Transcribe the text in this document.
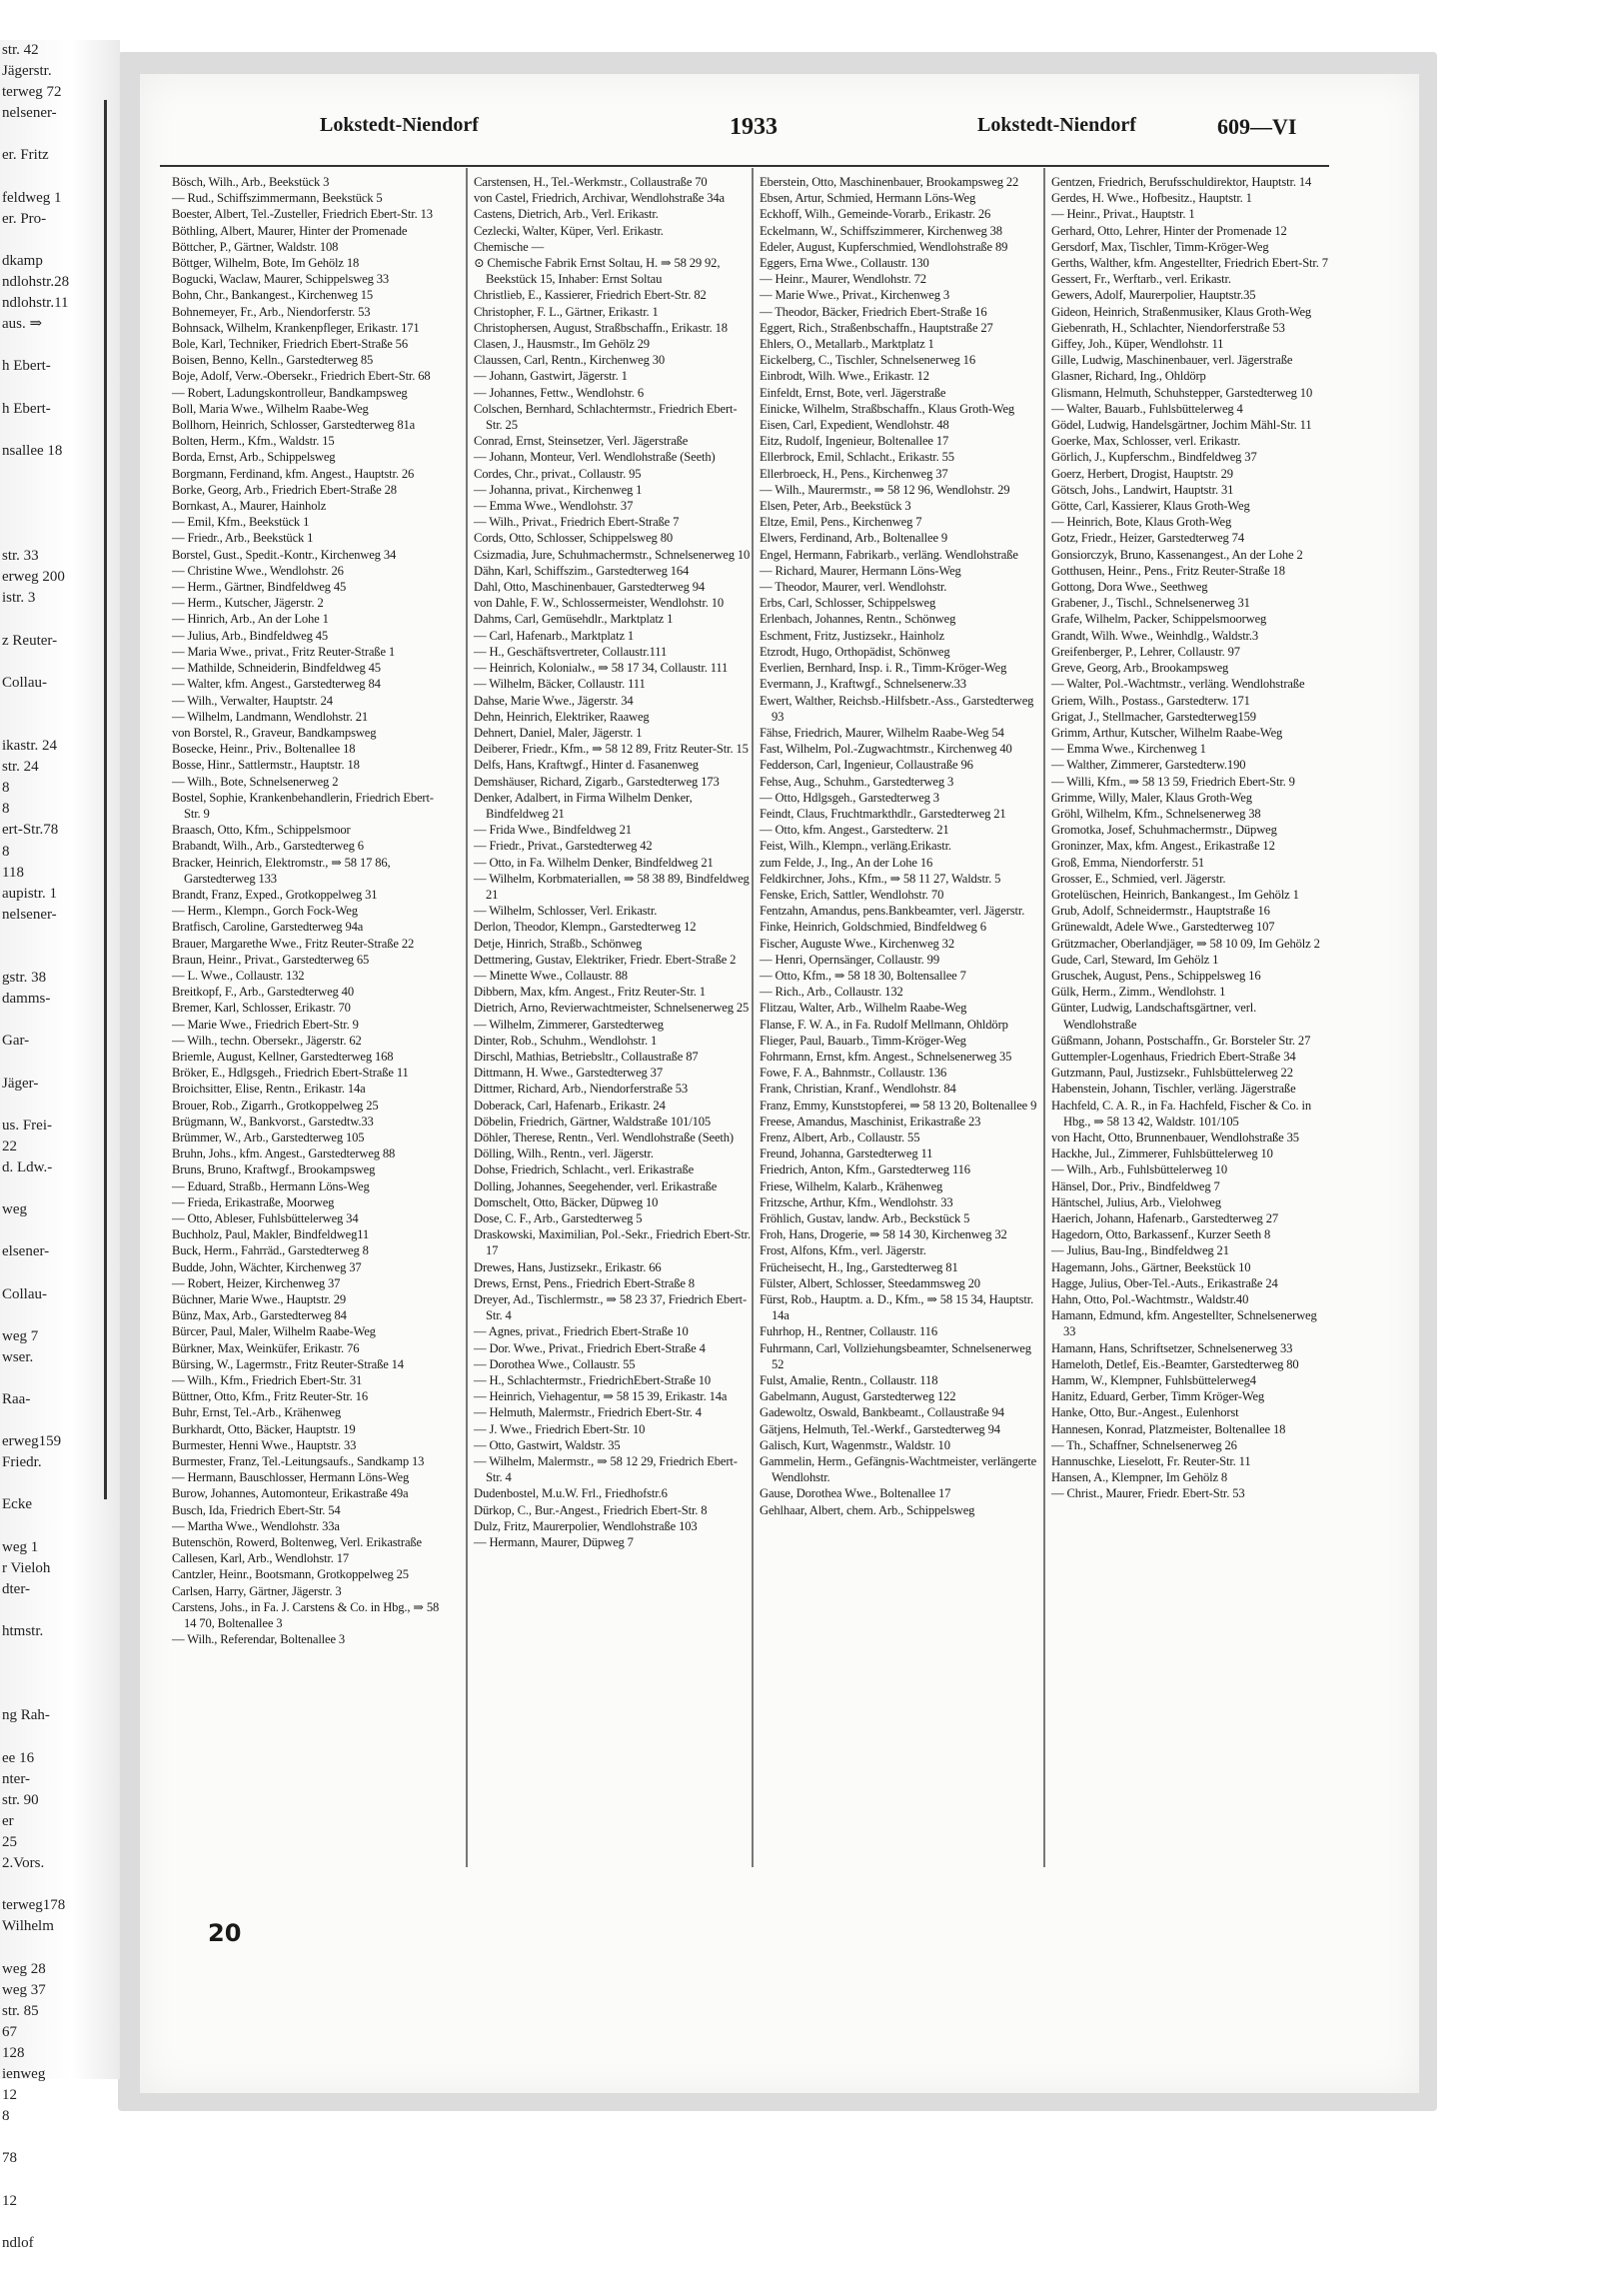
str. 42
Jägerstr.
terweg 72
nelsener-

er. Fritz

feldweg 1
er. Pro-

dkamp
ndlohstr.28
ndlohstr.11
aus. ⇒

h Ebert-

h Ebert-

nsallee 18

str. 33
erweg 200
istr. 3

z Reuter-

Collau-

ikastr. 24
str. 24
8
8
ert-Str.78
8
118
aupistr. 1
nelsener-

gstr. 38
damms-

Gar-

Jäger-

us. Frei-
22
d. Ldw.-

weg

elsener-

Collau-

weg 7
wser.

Raa-

erweg159
Friedr.

Ecke

weg 1
r Vieloh
dter-

htmstr.

ng Rah-

ee 16
nter-
str. 90
er
25
2.Vors.

terweg178
Wilhelm

weg 28
weg 37
str. 85
67
128
ienweg
12
8

78

12

ndlof

Lokstedt-Niendorf	1933	Lokstedt-Niendorf	609—VI

Bösch, Wilh., Arb., Beekstück 3

— Rud., Schiffszimmermann, Beekstück 5

Boester, Albert, Tel.-Zusteller, Friedrich Ebert-Str. 13

Böthling, Albert, Maurer, Hinter der Promenade

Böttcher, P., Gärtner, Waldstr. 108

Böttger, Wilhelm, Bote, Im Gehölz 18

Bogucki, Waclaw, Maurer, Schippelsweg 33

Bohn, Chr., Bankangest., Kirchenweg 15

Bohnemeyer, Fr., Arb., Niendorferstr. 53

Bohnsack, Wilhelm, Krankenpfleger, Erikastr. 171

Bole, Karl, Techniker, Friedrich Ebert-Straße 56

Boisen, Benno, Kelln., Garstedterweg 85

Boje, Adolf, Verw.-Obersekr., Friedrich Ebert-Str. 68

— Robert, Ladungskontrolleur, Bandkampsweg

Boll, Maria Wwe., Wilhelm Raabe-Weg

Bollhorn, Heinrich, Schlosser, Garstedterweg 81a

Bolten, Herm., Kfm., Waldstr. 15

Borda, Ernst, Arb., Schippelsweg

Borgmann, Ferdinand, kfm. Angest., Hauptstr. 26

Borke, Georg, Arb., Friedrich Ebert-Straße 28

Bornkast, A., Maurer, Hainholz

— Emil, Kfm., Beekstück 1

— Friedr., Arb., Beekstück 1

Borstel, Gust., Spedit.-Kontr., Kirchenweg 34

— Christine Wwe., Wendlohstr. 26

— Herm., Gärtner, Bindfeldweg 45

— Herm., Kutscher, Jägerstr. 2

— Hinrich, Arb., An der Lohe 1

— Julius, Arb., Bindfeldweg 45

— Maria Wwe., privat., Fritz Reuter-Straße 1

— Mathilde, Schneiderin, Bindfeldweg 45

— Walter, kfm. Angest., Garstedterweg 84

— Wilh., Verwalter, Hauptstr. 24

— Wilhelm, Landmann, Wendlohstr. 21

von Borstel, R., Graveur, Bandkampsweg

Bosecke, Heinr., Priv., Boltenallee 18

Bosse, Hinr., Sattlermstr., Hauptstr. 18

— Wilh., Bote, Schnelsenerweg 2

Bostel, Sophie, Krankenbehandlerin, Friedrich Ebert-Str. 9

Braasch, Otto, Kfm., Schippelsmoor

Brabandt, Wilh., Arb., Garstedterweg 6

Bracker, Heinrich, Elektromstr., ⇒ 58 17 86, Garstedterweg 133

Brandt, Franz, Exped., Grotkoppelweg 31

— Herm., Klempn., Gorch Fock-Weg

Bratfisch, Caroline, Garstedterweg 94a

Brauer, Margarethe Wwe., Fritz Reuter-Straße 22

Braun, Heinr., Privat., Garstedterweg 65

— L. Wwe., Collaustr. 132

Breitkopf, F., Arb., Garstedterweg 40

Bremer, Karl, Schlosser, Erikastr. 70

— Marie Wwe., Friedrich Ebert-Str. 9

— Wilh., techn. Obersekr., Jägerstr. 62

Briemle, August, Kellner, Garstedterweg 168

Bröker, E., Hdlgsgeh., Friedrich Ebert-Straße 11

Broichsitter, Elise, Rentn., Erikastr. 14a

Brouer, Rob., Zigarrh., Grotkoppelweg 25

Brügmann, W., Bankvorst., Garstedtw.33

Brümmer, W., Arb., Garstedterweg 105

Bruhn, Johs., kfm. Angest., Garstedterweg 88

Bruns, Bruno, Kraftwgf., Brookampsweg

— Eduard, Straßb., Hermann Löns-Weg

— Frieda, Erikastraße, Moorweg

— Otto, Ableser, Fuhlsbüttelerweg 34

Buchholz, Paul, Makler, Bindfeldweg11

Buck, Herm., Fahrräd., Garstedterweg 8

Budde, John, Wächter, Kirchenweg 37

— Robert, Heizer, Kirchenweg 37

Büchner, Marie Wwe., Hauptstr. 29

Bünz, Max, Arb., Garstedterweg 84

Bürcer, Paul, Maler, Wilhelm Raabe-Weg

Bürkner, Max, Weinküfer, Erikastr. 76

Bürsing, W., Lagermstr., Fritz Reuter-Straße 14

— Wilh., Kfm., Friedrich Ebert-Str. 31

Büttner, Otto, Kfm., Fritz Reuter-Str. 16

Buhr, Ernst, Tel.-Arb., Krähenweg

Burkhardt, Otto, Bäcker, Hauptstr. 19

Burmester, Henni Wwe., Hauptstr. 33

Burmester, Franz, Tel.-Leitungsaufs., Sandkamp 13

— Hermann, Bauschlosser, Hermann Löns-Weg

Burow, Johannes, Automonteur, Erikastraße 49a

Busch, Ida, Friedrich Ebert-Str. 54

— Martha Wwe., Wendlohstr. 33a

Butenschön, Rowerd, Boltenweg, Verl. Erikastraße

Callesen, Karl, Arb., Wendlohstr. 17

Cantzler, Heinr., Bootsmann, Grotkoppelweg 25

Carlsen, Harry, Gärtner, Jägerstr. 3

Carstens, Johs., in Fa. J. Carstens & Co. in Hbg., ⇒ 58 14 70, Boltenallee 3

— Wilh., Referendar, Boltenallee 3

Carstensen, H., Tel.-Werkmstr., Collaustraße 70

von Castel, Friedrich, Archivar, Wendlohstraße 34a

Castens, Dietrich, Arb., Verl. Erikastr.

Cezlecki, Walter, Küper, Verl. Erikastr.

Chemische —

⊙ Chemische Fabrik Ernst Soltau, H. ⇒ 58 29 92, Beekstück 15, Inhaber: Ernst Soltau

Christlieb, E., Kassierer, Friedrich Ebert-Str. 82

Christopher, F. L., Gärtner, Erikastr. 1

Christophersen, August, Straßbschaffn., Erikastr. 18

Clasen, J., Hausmstr., Im Gehölz 29

Claussen, Carl, Rentn., Kirchenweg 30

— Johann, Gastwirt, Jägerstr. 1

— Johannes, Fettw., Wendlohstr. 6

Colschen, Bernhard, Schlachtermstr., Friedrich Ebert-Str. 25

Conrad, Ernst, Steinsetzer, Verl. Jägerstraße

— Johann, Monteur, Verl. Wendlohstraße (Seeth)

Cordes, Chr., privat., Collaustr. 95

— Johanna, privat., Kirchenweg 1

— Emma Wwe., Wendlohstr. 37

— Wilh., Privat., Friedrich Ebert-Straße 7

Cords, Otto, Schlosser, Schippelsweg 80

Csizmadia, Jure, Schuhmachermstr., Schnelsenerweg 10

Dähn, Karl, Schiffszim., Garstedterweg 164

Dahl, Otto, Maschinenbauer, Garstedterweg 94

von Dahle, F. W., Schlossermeister, Wendlohstr. 10

Dahms, Carl, Gemüsehdlr., Marktplatz 1

— Carl, Hafenarb., Marktplatz 1

— H., Geschäftsvertreter, Collaustr.111

— Heinrich, Kolonialw., ⇒ 58 17 34, Collaustr. 111

— Wilhelm, Bäcker, Collaustr. 111

Dahse, Marie Wwe., Jägerstr. 34

Dehn, Heinrich, Elektriker, Raaweg

Dehnert, Daniel, Maler, Jägerstr. 1

Deiberer, Friedr., Kfm., ⇒ 58 12 89, Fritz Reuter-Str. 15

Delfs, Hans, Kraftwgf., Hinter d. Fasanenweg

Demshäuser, Richard, Zigarb., Garstedterweg 173

Denker, Adalbert, in Firma Wilhelm Denker, Bindfeldweg 21

— Frida Wwe., Bindfeldweg 21

— Friedr., Privat., Garstedterweg 42

— Otto, in Fa. Wilhelm Denker, Bindfeldweg 21

— Wilhelm, Korbmateriallen, ⇒ 58 38 89, Bindfeldweg 21

— Wilhelm, Schlosser, Verl. Erikastr.

Derlon, Theodor, Klempn., Garstedterweg 12

Detje, Hinrich, Straßb., Schönweg

Dettmering, Gustav, Elektriker, Friedr. Ebert-Straße 2

— Minette Wwe., Collaustr. 88

Dibbern, Max, kfm. Angest., Fritz Reuter-Str. 1

Dietrich, Arno, Revierwachtmeister, Schnelsenerweg 25

— Wilhelm, Zimmerer, Garstedterweg

Dinter, Rob., Schuhm., Wendlohstr. 1

Dirschl, Mathias, Betriebsltr., Collaustraße 87

Dittmann, H. Wwe., Garstedterweg 37

Dittmer, Richard, Arb., Niendorferstraße 53

Doberack, Carl, Hafenarb., Erikastr. 24

Döbelin, Friedrich, Gärtner, Waldstraße 101/105

Döhler, Therese, Rentn., Verl. Wendlohstraße (Seeth)

Dölling, Wilh., Rentn., verl. Jägerstr.

Dohse, Friedrich, Schlacht., verl. Erikastraße

Dolling, Johannes, Seegehender, verl. Erikastraße

Domschelt, Otto, Bäcker, Düpweg 10

Dose, C. F., Arb., Garstedterweg 5

Draskowski, Maximilian, Pol.-Sekr., Friedrich Ebert-Str. 17

Drewes, Hans, Justizsekr., Erikastr. 66

Drews, Ernst, Pens., Friedrich Ebert-Straße 8

Dreyer, Ad., Tischlermstr., ⇒ 58 23 37, Friedrich Ebert-Str. 4

— Agnes, privat., Friedrich Ebert-Straße 10

— Dor. Wwe., Privat., Friedrich Ebert-Straße 4

— Dorothea Wwe., Collaustr. 55

— H., Schlachtermstr., FriedrichEbert-Straße 10

— Heinrich, Viehagentur, ⇒ 58 15 39, Erikastr. 14a

— Helmuth, Malermstr., Friedrich Ebert-Str. 4

— J. Wwe., Friedrich Ebert-Str. 10

— Otto, Gastwirt, Waldstr. 35

— Wilhelm, Malermstr., ⇒ 58 12 29, Friedrich Ebert-Str. 4

Dudenbostel, M.u.W. Frl., Friedhofstr.6

Dürkop, C., Bur.-Angest., Friedrich Ebert-Str. 8

Dulz, Fritz, Maurerpolier, Wendlohstraße 103

— Hermann, Maurer, Düpweg 7

Eberstein, Otto, Maschinenbauer, Brookampsweg 22

Ebsen, Artur, Schmied, Hermann Löns-Weg

Eckhoff, Wilh., Gemeinde-Vorarb., Erikastr. 26

Eckelmann, W., Schiffszimmerer, Kirchenweg 38

Edeler, August, Kupferschmied, Wendlohstraße 89

Eggers, Erna Wwe., Collaustr. 130

— Heinr., Maurer, Wendlohstr. 72

— Marie Wwe., Privat., Kirchenweg 3

— Theodor, Bäcker, Friedrich Ebert-Straße 16

Eggert, Rich., Straßenbschaffn., Hauptstraße 27

Ehlers, O., Metallarb., Marktplatz 1

Eickelberg, C., Tischler, Schnelsenerweg 16

Einbrodt, Wilh. Wwe., Erikastr. 12

Einfeldt, Ernst, Bote, verl. Jägerstraße

Einicke, Wilhelm, Straßbschaffn., Klaus Groth-Weg

Eisen, Carl, Expedient, Wendlohstr. 48

Eitz, Rudolf, Ingenieur, Boltenallee 17

Ellerbrock, Emil, Schlacht., Erikastr. 55

Ellerbroeck, H., Pens., Kirchenweg 37

— Wilh., Maurermstr., ⇒ 58 12 96, Wendlohstr. 29

Elsen, Peter, Arb., Beekstück 3

Eltze, Emil, Pens., Kirchenweg 7

Elwers, Ferdinand, Arb., Boltenallee 9

Engel, Hermann, Fabrikarb., verläng. Wendlohstraße

— Richard, Maurer, Hermann Löns-Weg

— Theodor, Maurer, verl. Wendlohstr.

Erbs, Carl, Schlosser, Schippelsweg

Erlenbach, Johannes, Rentn., Schönweg

Eschment, Fritz, Justizsekr., Hainholz

Etzrodt, Hugo, Orthopädist, Schönweg

Everlien, Bernhard, Insp. i. R., Timm-Kröger-Weg

Evermann, J., Kraftwgf., Schnelsenerw.33

Ewert, Walther, Reichsb.-Hilfsbetr.-Ass., Garstedterweg 93

Fähse, Friedrich, Maurer, Wilhelm Raabe-Weg 54

Fast, Wilhelm, Pol.-Zugwachtmstr., Kirchenweg 40

Fedderson, Carl, Ingenieur, Collaustraße 96

Fehse, Aug., Schuhm., Garstedterweg 3

— Otto, Hdlgsgeh., Garstedterweg 3

Feindt, Claus, Fruchtmarkthdlr., Garstedterweg 21

— Otto, kfm. Angest., Garstedterw. 21

Feist, Wilh., Klempn., verläng.Erikastr.

zum Felde, J., Ing., An der Lohe 16

Feldkirchner, Johs., Kfm., ⇒ 58 11 27, Waldstr. 5

Fenske, Erich, Sattler, Wendlohstr. 70

Fentzahn, Amandus, pens.Bankbeamter, verl. Jägerstr.

Finke, Heinrich, Goldschmied, Bindfeldweg 6

Fischer, Auguste Wwe., Kirchenweg 32

— Henri, Opernsänger, Collaustr. 99

— Otto, Kfm., ⇒ 58 18 30, Boltensallee 7

— Rich., Arb., Collaustr. 132

Flitzau, Walter, Arb., Wilhelm Raabe-Weg

Flanse, F. W. A., in Fa. Rudolf Mellmann, Ohldörp

Flieger, Paul, Bauarb., Timm-Kröger-Weg

Fohrmann, Ernst, kfm. Angest., Schnelsenerweg 35

Fowe, F. A., Bahnmstr., Collaustr. 136

Frank, Christian, Kranf., Wendlohstr. 84

Franz, Emmy, Kunststopferei, ⇒ 58 13 20, Boltenallee 9

Freese, Amandus, Maschinist, Erikastraße 23

Frenz, Albert, Arb., Collaustr. 55

Freund, Johanna, Garstedterweg 11

Friedrich, Anton, Kfm., Garstedterweg 116

Friese, Wilhelm, Kalarb., Krähenweg

Fritzsche, Arthur, Kfm., Wendlohstr. 33

Fröhlich, Gustav, landw. Arb., Beckstück 5

Froh, Hans, Drogerie, ⇒ 58 14 30, Kirchenweg 32

Frost, Alfons, Kfm., verl. Jägerstr.

Frücheisecht, H., Ing., Garstedterweg 81

Fülster, Albert, Schlosser, Steedammsweg 20

Fürst, Rob., Hauptm. a. D., Kfm., ⇒ 58 15 34, Hauptstr. 14a

Fuhrhop, H., Rentner, Collaustr. 116

Fuhrmann, Carl, Vollziehungsbeamter, Schnelsenerweg 52

Fulst, Amalie, Rentn., Collaustr. 118

Gabelmann, August, Garstedterweg 122

Gadewoltz, Oswald, Bankbeamt., Collaustraße 94

Gätjens, Helmuth, Tel.-Werkf., Garstedterweg 94

Galisch, Kurt, Wagenmstr., Waldstr. 10

Gammelin, Herm., Gefängnis-Wachtmeister, verlängerte Wendlohstr.

Gause, Dorothea Wwe., Boltenallee 17

Gehlhaar, Albert, chem. Arb., Schippelsweg

Gentzen, Friedrich, Berufsschuldirektor, Hauptstr. 14

Gerdes, H. Wwe., Hofbesitz., Hauptstr. 1

— Heinr., Privat., Hauptstr. 1

Gerhard, Otto, Lehrer, Hinter der Promenade 12

Gersdorf, Max, Tischler, Timm-Kröger-Weg

Gerths, Walther, kfm. Angestellter, Friedrich Ebert-Str. 7

Gessert, Fr., Werftarb., verl. Erikastr.

Gewers, Adolf, Maurerpolier, Hauptstr.35

Gideon, Heinrich, Straßenmusiker, Klaus Groth-Weg

Giebenrath, H., Schlachter, Niendorferstraße 53

Giffey, Joh., Küper, Wendlohstr. 11

Gille, Ludwig, Maschinenbauer, verl. Jägerstraße

Glasner, Richard, Ing., Ohldörp

Glismann, Helmuth, Schuhstepper, Garstedterweg 10

— Walter, Bauarb., Fuhlsbüttelerweg 4

Gödel, Ludwig, Handelsgärtner, Jochim Mähl-Str. 11

Goerke, Max, Schlosser, verl. Erikastr.

Görlich, J., Kupferschm., Bindfeldweg 37

Goerz, Herbert, Drogist, Hauptstr. 29

Götsch, Johs., Landwirt, Hauptstr. 31

Götte, Carl, Kassierer, Klaus Groth-Weg

— Heinrich, Bote, Klaus Groth-Weg

Gotz, Friedr., Heizer, Garstedterweg 74

Gonsiorczyk, Bruno, Kassenangest., An der Lohe 2

Gotthusen, Heinr., Pens., Fritz Reuter-Straße 18

Gottong, Dora Wwe., Seethweg

Grabener, J., Tischl., Schnelsenerweg 31

Grafe, Wilhelm, Packer, Schippelsmoorweg

Grandt, Wilh. Wwe., Weinhdlg., Waldstr.3

Greifenberger, P., Lehrer, Collaustr. 97

Greve, Georg, Arb., Brookampsweg

— Walter, Pol.-Wachtmstr., verläng. Wendlohstraße

Griem, Wilh., Postass., Garstedterw. 171

Grigat, J., Stellmacher, Garstedterweg159

Grimm, Arthur, Kutscher, Wilhelm Raabe-Weg

— Emma Wwe., Kirchenweg 1

— Walther, Zimmerer, Garstedterw.190

— Willi, Kfm., ⇒ 58 13 59, Friedrich Ebert-Str. 9

Grimme, Willy, Maler, Klaus Groth-Weg

Gröhl, Wilhelm, Kfm., Schnelsenerweg 38

Gromotka, Josef, Schuhmachermstr., Düpweg

Groninzer, Max, kfm. Angest., Erikastraße 12

Groß, Emma, Niendorferstr. 51

Grosser, E., Schmied, verl. Jägerstr.

Grotelüschen, Heinrich, Bankangest., Im Gehölz 1

Grub, Adolf, Schneidermstr., Hauptstraße 16

Grünewaldt, Adele Wwe., Garstedterweg 107

Grützmacher, Oberlandjäger, ⇒ 58 10 09, Im Gehölz 2

Gude, Carl, Steward, Im Gehölz 1

Gruschek, August, Pens., Schippelsweg 16

Gülk, Herm., Zimm., Wendlohstr. 1

Günter, Ludwig, Landschaftsgärtner, verl. Wendlohstraße

Güßmann, Johann, Postschaffn., Gr. Borsteler Str. 27

Guttempler-Logenhaus, Friedrich Ebert-Straße 34

Gutzmann, Paul, Justizsekr., Fuhlsbüttelerweg 22

Habenstein, Johann, Tischler, verläng. Jägerstraße

Hachfeld, C. A. R., in Fa. Hachfeld, Fischer & Co. in Hbg., ⇒ 58 13 42, Waldstr. 101/105

von Hacht, Otto, Brunnenbauer, Wendlohstraße 35

Hackhe, Jul., Zimmerer, Fuhlsbüttelerweg 10

— Wilh., Arb., Fuhlsbüttelerweg 10

Hänsel, Dor., Priv., Bindfeldweg 7

Häntschel, Julius, Arb., Vielohweg

Haerich, Johann, Hafenarb., Garstedterweg 27

Hagedorn, Otto, Barkassenf., Kurzer Seeth 8

— Julius, Bau-Ing., Bindfeldweg 21

Hagemann, Johs., Gärtner, Beekstück 10

Hagge, Julius, Ober-Tel.-Auts., Erikastraße 24

Hahn, Otto, Pol.-Wachtmstr., Waldstr.40

Hamann, Edmund, kfm. Angestellter, Schnelsenerweg 33

Hamann, Hans, Schriftsetzer, Schnelsenerweg 33

Hameloth, Detlef, Eis.-Beamter, Garstedterweg 80

Hamm, W., Klempner, Fuhlsbüttelerweg4

Hanitz, Eduard, Gerber, Timm Kröger-Weg

Hanke, Otto, Bur.-Angest., Eulenhorst

Hannesen, Konrad, Platzmeister, Boltenallee 18

— Th., Schaffner, Schnelsenerweg 26

Hannuschke, Lieselott, Fr. Reuter-Str. 11

Hansen, A., Klempner, Im Gehölz 8

— Christ., Maurer, Friedr. Ebert-Str. 53

20
